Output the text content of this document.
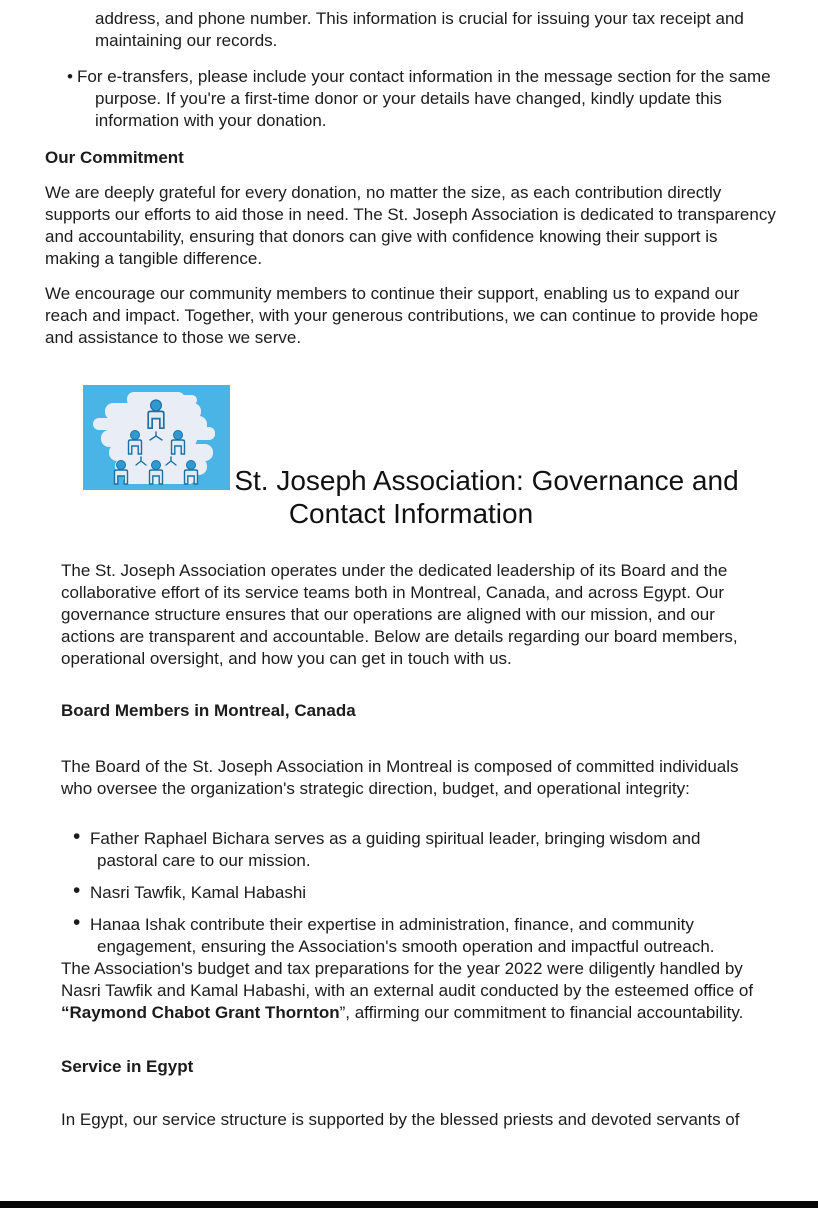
address, and phone number. This information is crucial for issuing your tax receipt and maintaining our records.

• For e-transfers, please include your contact information in the message section for the same purpose. If you're a first-time donor or your details have changed, kindly update this information with your donation.
Our Commitment

We are deeply grateful for every donation, no matter the size, as each contribution directly supports our efforts to aid those in need. The St. Joseph Association is dedicated to transparency and accountability, ensuring that donors can give with confidence knowing their support is making a tangible difference.

We encourage our community members to continue their support, enabling us to expand our reach and impact. Together, with your generous contributions, we can continue to provide hope and assistance to those we serve.

St. Joseph Association: Governance and Contact Information

The St. Joseph Association operates under the dedicated leadership of its Board and the collaborative effort of its service teams both in Montreal, Canada, and across Egypt. Our governance structure ensures that our operations are aligned with our mission, and our actions are transparent and accountable. Below are details regarding our board members, operational oversight, and how you can get in touch with us.

Board Members in Montreal, Canada

The Board of the St. Joseph Association in Montreal is composed of committed individuals who oversee the organization's strategic direction, budget, and operational integrity:

• Father Raphael Bichara serves as a guiding spiritual leader, bringing wisdom and pastoral care to our mission.
• Nasri Tawfik, Kamal Habashi
• Hanaa Ishak contribute their expertise in administration, finance, and community engagement, ensuring the Association's smooth operation and impactful outreach.

The Association's budget and tax preparations for the year 2022 were diligently handled by Nasri Tawfik and Kamal Habashi, with an external audit conducted by the esteemed office of “Raymond Chabot Grant Thornton”, affirming our commitment to financial accountability.

Service in Egypt

In Egypt, our service structure is supported by the blessed priests and devoted servants of
